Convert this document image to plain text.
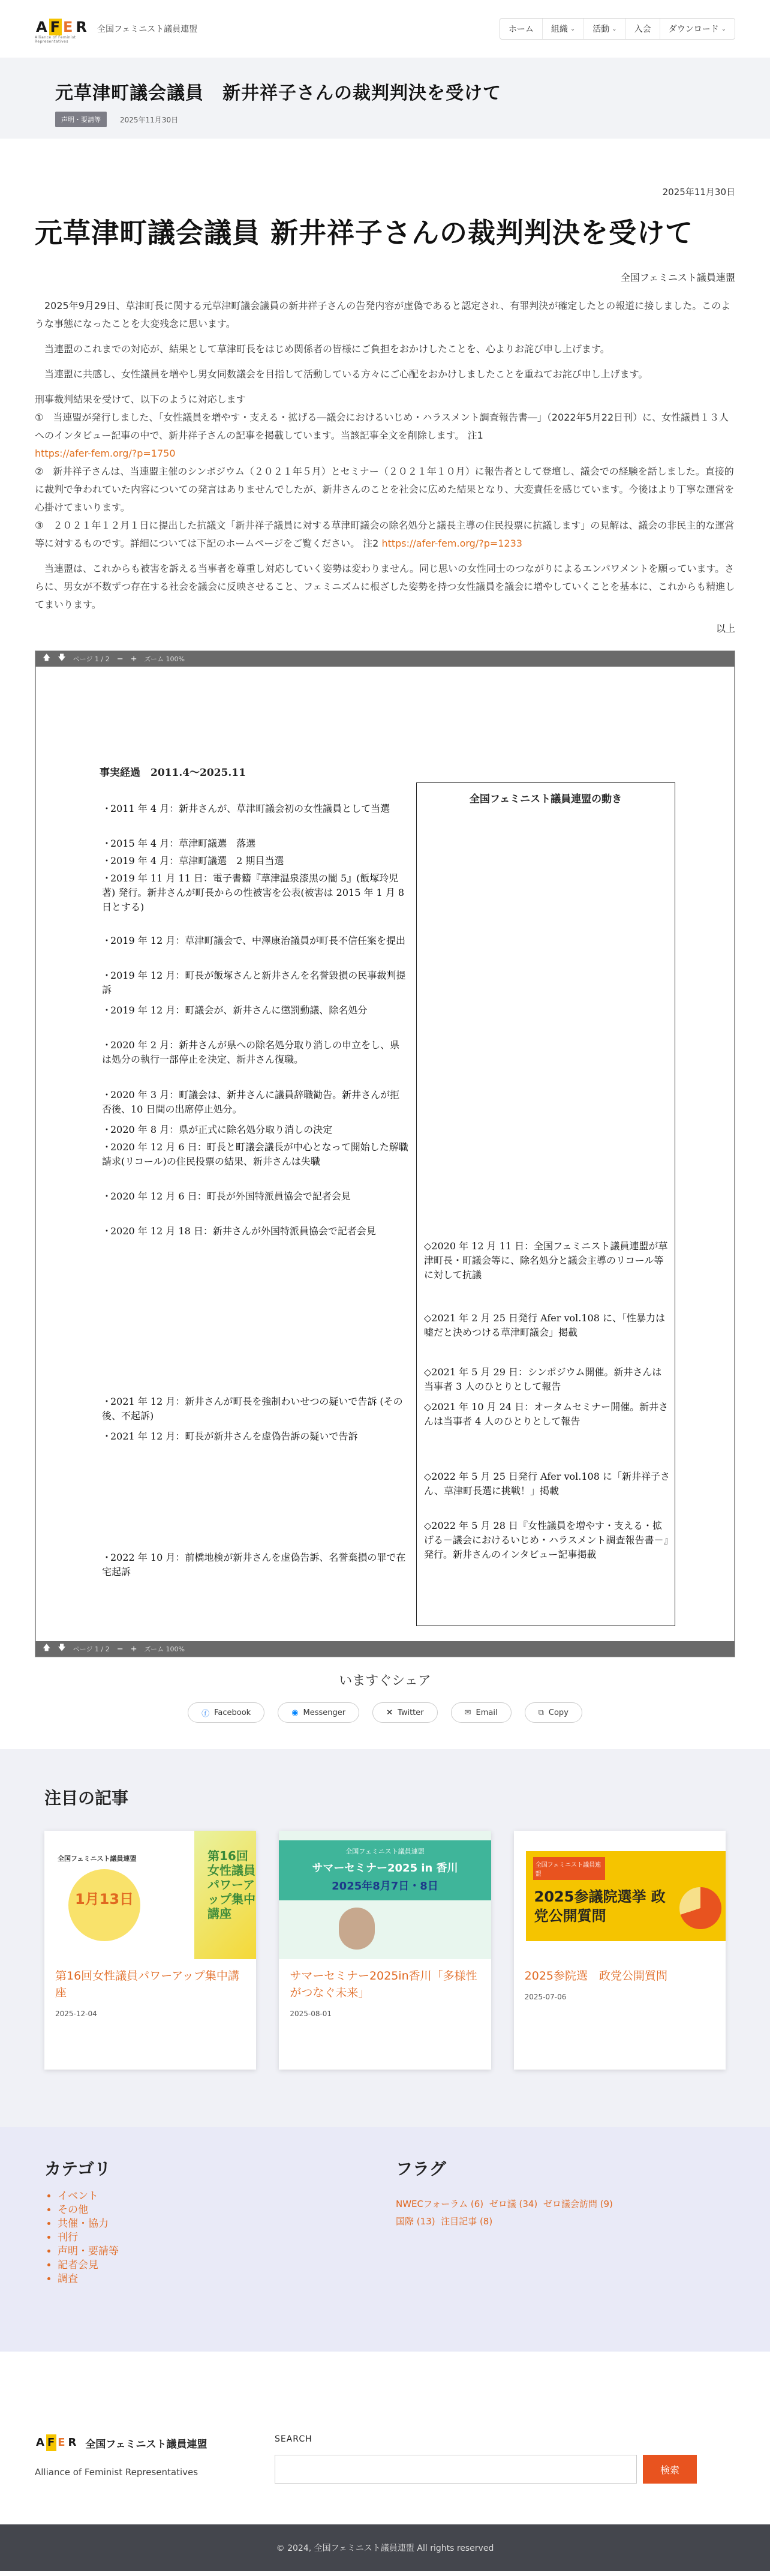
A F E R
Alliance of Feminist Representatives
全国フェミニスト議員連盟	ホーム 組織 ⌄ 活動 ⌄ 入会 ダウンロード ⌄
元草津町議会議員　新井祥子さんの裁判判決を受けて
声明・要請等	2025年11月30日
2025年11月30日
元草津町議会議員 新井祥子さんの裁判判決を受けて
全国フェミニスト議員連盟

2025年9月29日、草津町長に関する元草津町議会議員の新井祥子さんの告発内容が虚偽であると認定され、有罪判決が確定したとの報道に接しました。このような事態になったことを大変残念に思います。

当連盟のこれまでの対応が、結果として草津町長をはじめ関係者の皆様にご負担をおかけしたことを、心よりお詫び申し上げます。

当連盟に共感し、女性議員を増やし男女同数議会を目指して活動している方々にご心配をおかけしましたことを重ねてお詫び申し上げます。

刑事裁判結果を受けて、以下のように対応します
①　当連盟が発行しました、「女性議員を増やす・支える・拡げる―議会におけるいじめ・ハラスメント調査報告書―」（2022年5月22日刊）に、女性議員１３人へのインタビュー記事の中で、新井祥子さんの記事を掲載しています。当該記事全文を削除します。 注1
https://afer-fem.org/?p=1750
②　新井祥子さんは、当連盟主催のシンポジウム（２０２１年５月）とセミナー（２０２１年１０月）に報告者として登壇し、議会での経験を話しました。直接的に裁判で争われていた内容についての発言はありませんでしたが、新井さんのことを社会に広めた結果となり、大変責任を感じています。今後はより丁寧な運営を心掛けてまいります。
③　２０２１年１２月１日に提出した抗議文「新井祥子議員に対する草津町議会の除名処分と議長主導の住民投票に抗議します」の見解は、議会の非民主的な運営等に対するものです。詳細については下記のホームページをご覧ください。 注2 https://afer-fem.org/?p=1233

当連盟は、これからも被害を訴える当事者を尊重し対応していく姿勢は変わりません。同じ思いの女性同士のつながりによるエンパワメントを願っています。さらに、男女が不数ずつ存在する社会を議会に反映させること、フェミニズムに根ざした姿勢を持つ女性議員を議会に増やしていくことを基本に、これからも精進してまいります。

以上
🡅 🡇 ページ 1 / 2 − + ズーム 100%
事実経過　2011.4～2025.11
・2011 年 4 月：新井さんが、草津町議会初の女性議員として当選
・2015 年 4 月：草津町議選　落選
・2019 年 4 月：草津町議選　2 期目当選
・2019 年 11 月 11 日：電子書籍『草津温泉漆黒の闇 5』(飯塚玲児著) 発行。新井さんが町長からの性被害を公表(被害は 2015 年 1 月 8 日とする)
・2019 年 12 月：草津町議会で、中澤康治議員が町長不信任案を提出
・2019 年 12 月：町長が飯塚さんと新井さんを名誉毀損の民事裁判提訴
・2019 年 12 月：町議会が、新井さんに懲罰動議、除名処分
・2020 年 2 月：新井さんが県への除名処分取り消しの申立をし、県は処分の執行一部停止を決定、新井さん復職。
・2020 年 3 月：町議会は、新井さんに議員辞職勧告。新井さんが拒否後、10 日間の出席停止処分。
・2020 年 8 月：県が正式に除名処分取り消しの決定
・2020 年 12 月 6 日：町長と町議会議長が中心となって開始した解職請求(リコール)の住民投票の結果、新井さんは失職
・2020 年 12 月 6 日：町長が外国特派員協会で記者会見
・2020 年 12 月 18 日：新井さんが外国特派員協会で記者会見
・2021 年 12 月：新井さんが町長を強制わいせつの疑いで告訴 (その後、不起訴)
・2021 年 12 月：町長が新井さんを虚偽告訴の疑いで告訴
・2022 年 10 月：前橋地検が新井さんを虚偽告訴、名誉棄損の罪で在宅起訴
全国フェミニスト議員連盟の動き
◇2020 年 12 月 11 日：全国フェミニスト議員連盟が草津町長・町議会等に、除名処分と議会主導のリコール等に対して抗議
◇2021 年 2 月 25 日発行 Afer vol.108 に、「性暴力は嘘だと決めつける草津町議会」掲載
◇2021 年 5 月 29 日：シンポジウム開催。新井さんは当事者 3 人のひとりとして報告
◇2021 年 10 月 24 日：オータムセミナー開催。新井さんは当事者 4 人のひとりとして報告
◇2022 年 5 月 25 日発行 Afer vol.108 に「新井祥子さん、草津町長選に挑戦！」掲載
◇2022 年 5 月 28 日『女性議員を増やす・支える・拡げる－議会におけるいじめ・ハラスメント調査報告書－』発行。新井さんのインタビュー記事掲載
🡅 🡇 ページ 1 / 2 − + ズーム 100%
いますぐシェア
ⓕ Facebook	◉ Messenger	✕ Twitter	✉ Email	⧉ Copy
注目の記事
全国フェミニスト議員連盟
1月13日
第16回女性議員パワーアップ集中講座
第16回女性議員パワーアップ集中講座
2025-12-04
全国フェミニスト議員連盟
サマーセミナー2025 in 香川
2025年8月7日・8日
サマーセミナー2025in香川「多様性がつなぐ未来」
2025-08-01
全国フェミニスト議員連盟
2025参議院選挙 政党公開質問
2025参院選　政党公開質問
2025-07-06
カテゴリ
• イベント
• その他
• 共催・協力
• 刊行
• 声明・要請等
• 記者会見
• 調査
フラグ
NWECフォーラム (6) ゼロ議 (34) ゼロ議会訪問 (9)
国際 (13) 注目記事 (8)
A F E R 全国フェミニスト議員連盟
Alliance of Feminist Representatives
SEARCH
検索
© 2024, 全国フェミニスト議員連盟 All rights reserved
